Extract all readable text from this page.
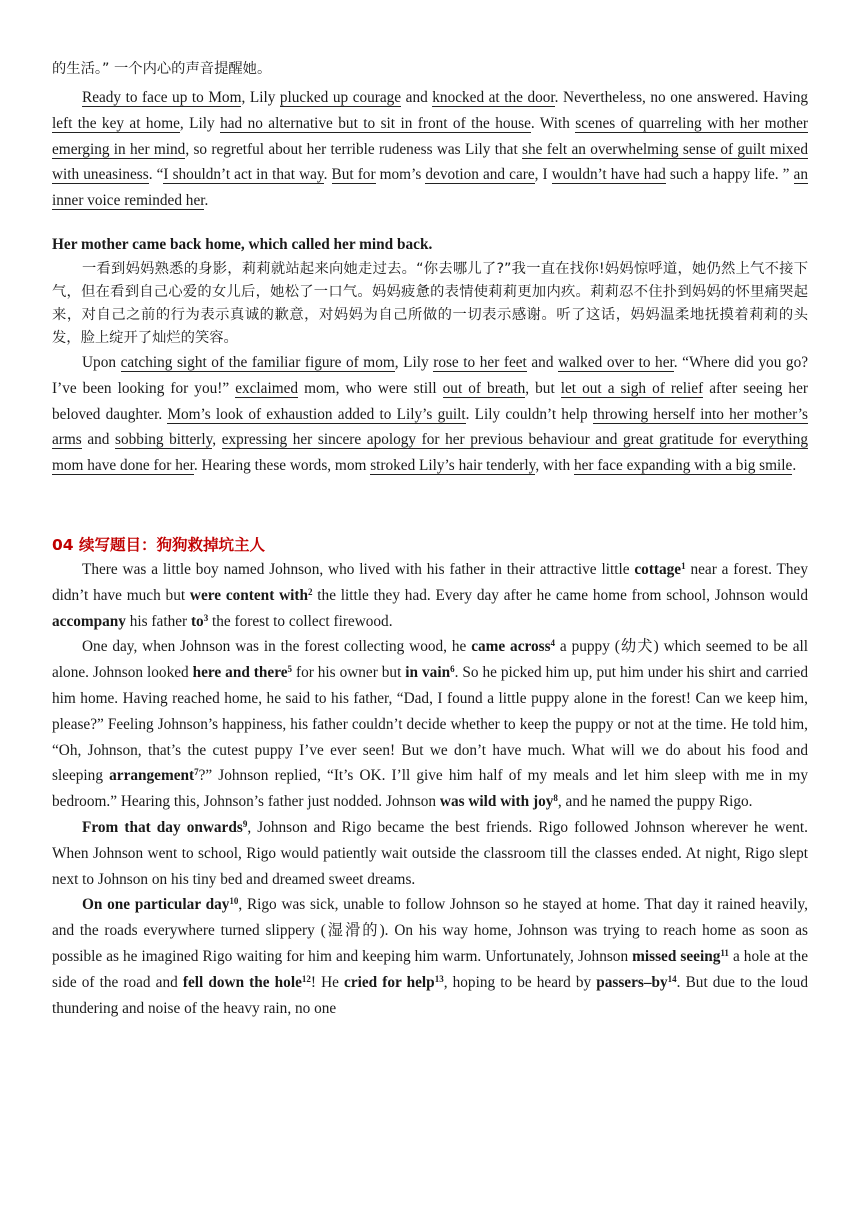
的生活。” 一个内心的声音提醒她。

Ready to face up to Mom, Lily plucked up courage and knocked at the door. Nevertheless, no one answered. Having left the key at home, Lily had no alternative but to sit in front of the house. With scenes of quarreling with her mother emerging in her mind, so regretful about her terrible rudeness was Lily that she felt an overwhelming sense of guilt mixed with uneasiness. “I shouldn’t act in that way. But for mom’s devotion and care, I wouldn’t have had such a happy life. ” an inner voice reminded her.

Her mother came back home, which called her mind back.

一看到妈妈熟悉的身影，莉莉就站起来向她走过去。“你去哪儿了?”我一直在找你!妈妈惊呼道，她仍然上气不接下气，但在看到自己心爱的女儿后，她松了一口气。妈妈疲惫的表情使莉莉更加内疚。莉莉忍不住扑到妈妈的怀里痛哭起来，对自己之前的行为表示真诚的歉意，对妈妈为自己所做的一切表示感谢。听了这话，妈妈温柔地抚摸着莉莉的头发，脸上绽开了灿烂的笑容。

Upon catching sight of the familiar figure of mom, Lily rose to her feet and walked over to her. “Where did you go? I’ve been looking for you!” exclaimed mom, who were still out of breath, but let out a sigh of relief after seeing her beloved daughter. Mom’s look of exhaustion added to Lily’s guilt. Lily couldn’t help throwing herself into her mother’s arms and sobbing bitterly, expressing her sincere apology for her previous behaviour and great gratitude for everything mom have done for her. Hearing these words, mom stroked Lily’s hair tenderly, with her face expanding with a big smile.

04 续写题目：狗狗救掉坑主人

There was a little boy named Johnson, who lived with his father in their attractive little cottage$^1$ near a forest. They didn’t have much but were content with$^2$ the little they had. Every day after he came home from school, Johnson would accompany his father $to^3$ the forest to collect firewood.

One day, when Johnson was in the forest collecting wood, he came across$^4$ a puppy (幼犬) which seemed to be all alone. Johnson looked here and there$^5$ for his owner but in vain$^6$. So he picked him up, put him under his shirt and carried him home. Having reached home, he said to his father, “Dad, I found a little puppy alone in the forest! Can we keep him, please?” Feeling Johnson’s happiness, his father couldn’t decide whether to keep the puppy or not at the time. He told him, “Oh, Johnson, that’s the cutest puppy I’ve ever seen! But we don’t have much. What will we do about his food and sleeping arrangement$^7$?” Johnson replied, “It’s OK. I’ll give him half of my meals and let him sleep with me in my bedroom.” Hearing this, Johnson’s father just nodded. Johnson was wild with joy$^8$, and he named the puppy Rigo.

From that day onwards$^9$, Johnson and Rigo became the best friends. Rigo followed Johnson wherever he went. When Johnson went to school, Rigo would patiently wait outside the classroom till the classes ended. At night, Rigo slept next to Johnson on his tiny bed and dreamed sweet dreams.

On one particular day$^{10}$, Rigo was sick, unable to follow Johnson so he stayed at home. That day it rained heavily, and the roads everywhere turned slippery (湿滑的). On his way home, Johnson was trying to reach home as soon as possible as he imagined Rigo waiting for him and keeping him warm. Unfortunately, Johnson missed seeing$^{11}$ a hole at the side of the road and fell down the hole$^{12}$! He cried for help$^{13}$, hoping to be heard by passers–$by^{14}$. But due to the loud thundering and noise of the heavy rain, no one
